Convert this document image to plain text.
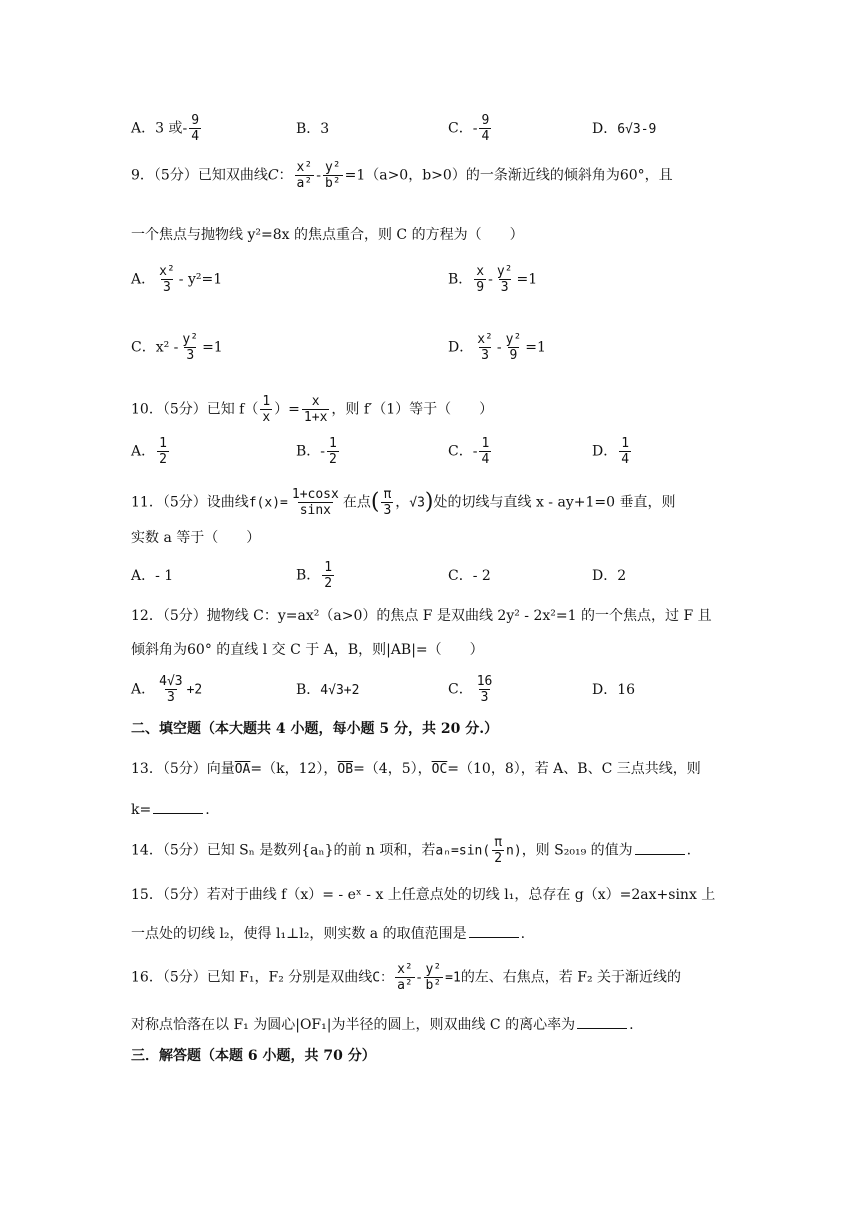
A．3 或- $\frac{9}{4}$	B．3	C．- $\frac{9}{4}$	D．6√3-9
9．（5分）已知双曲线C： $\frac{\text{x²}}{\text{a²}} - \frac{\text{y²}}{\text{b²}} =1(a>0$，b>0）的一条渐近线的倾斜角为60°，且
一个焦点与抛物线 y²=8x 的焦点重合，则 C 的方程为（　　）
A． $\frac{\text{x²}}{3} - y^2=1$	B． $\frac{x}{9} - \frac{\text{y²}}{3} =1$
C．$x^2 - \frac{\text{y²}}{3} =1$	D． $\frac{\text{x²}}{3} - \frac{\text{y²}}{9} =1$
10．（5分）已知 $f( \frac{1}{x}$ ）= $\frac{x}{1+x}$ ，则 f′（1）等于（　　）
A． $\frac{1}{2}$	B．- $\frac{1}{2}$	C．- $\frac{1}{4}$	D． $\frac{1}{4}$
11．（5分）设曲线$f(x)= \frac{1+\cos x}{\sin x}$ 在点( $\frac{\pi}{3}$ ，√3)处的切线与直线 x - ay+1=0 垂直，则
实数 a 等于（　　）
A．- 1	B． $\frac{1}{2}$	C．- 2	D．2
12．（5分）抛物线 C：y=ax²（a>0）的焦点 F 是双曲线 2y² - 2x²=1 的一个焦点，过 F 且
倾斜角为60° 的直线 l 交 C 于 A，B，则|AB|=（　　）
A． $\frac{4√3}{3} +2$	B．4√3+2	C． $\frac{16}{3}$	D．16
二、填空题（本大题共 4 小题，每小题 5 分，共 20 分.）
13．（5分）向量$\overline{OA}=(k$，12），$\overline{OB}=(4$，5），$\overline{OC}=(10$，8），若 A、B、C 三点共线，则
k=	.
14．（5分）已知 Sₙ 是数列{aₙ}的前 n 项和，若$a_n=\sin( \frac{\pi}{2} n)$，则 S₂₀₁₉ 的值为	.
15．（5分）若对于曲线 f（x）= - eˣ - x 上任意点处的切线 l₁，总存在 g（x）=2ax+sinx 上
一点处的切线 l₂，使得 l₁⊥l₂，则实数 a 的取值范围是	.
16．（5分）已知 F₁，F₂ 分别是双曲线C： $\frac{\text{x²}}{\text{a²}} - \frac{\text{y²}}{\text{b²}} =1$的左、右焦点，若 F₂ 关于渐近线的
对称点恰落在以 F₁ 为圆心|OF₁|为半径的圆上，则双曲线 C 的离心率为	.
三．解答题（本题 6 小题，共 70 分）
